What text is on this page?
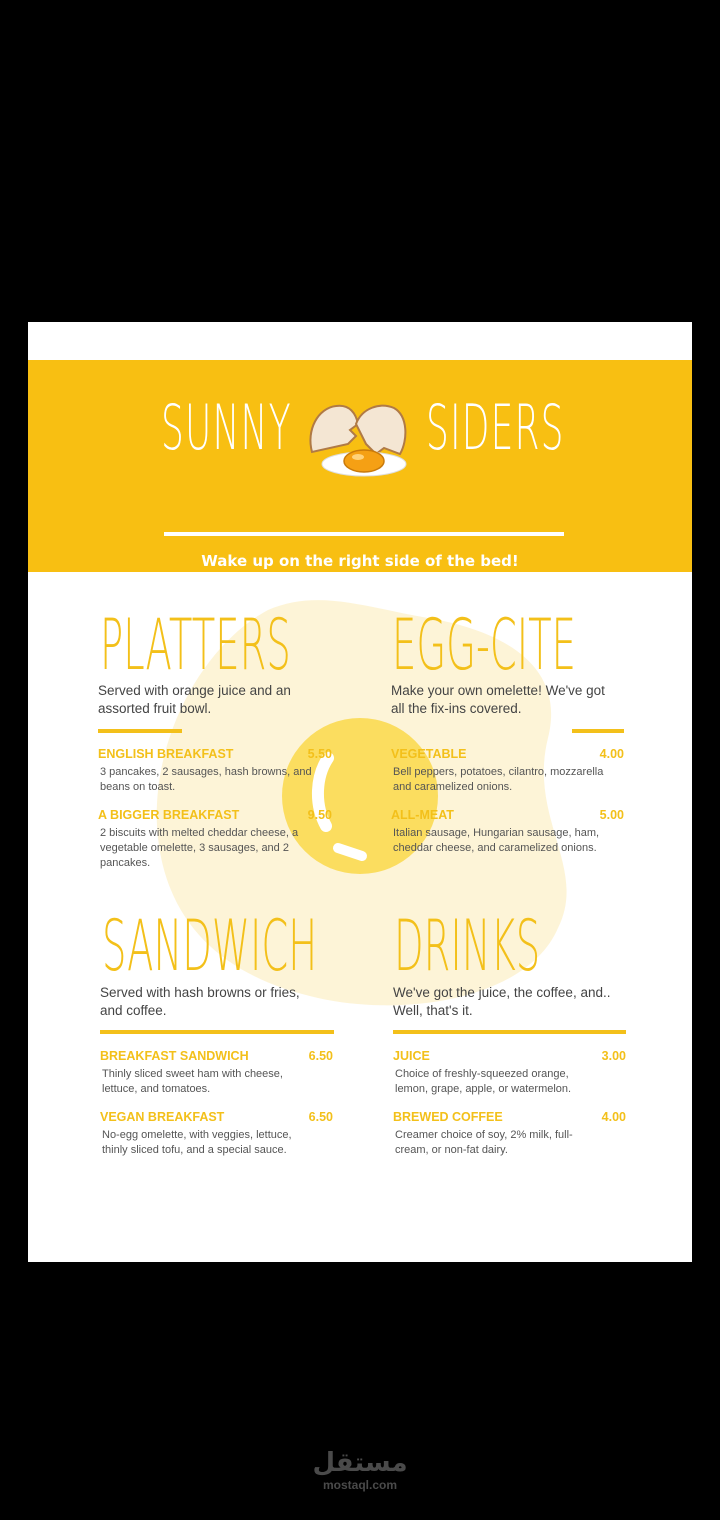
SUNNY SIDERS
Wake up on the right side of the bed!
PLATTERS
Served with orange juice and an assorted fruit bowl.
ENGLISH BREAKFAST	5.50
3 pancakes, 2 sausages, hash browns, and beans on toast.
A BIGGER BREAKFAST	9.50
2 biscuits with melted cheddar cheese, a vegetable omelette, 3 sausages, and 2 pancakes.
EGG-CITE
Make your own omelette! We've got all the fix-ins covered.
VEGETABLE	4.00
Bell peppers, potatoes, cilantro, mozzarella and caramelized onions.
ALL-MEAT	5.00
Italian sausage, Hungarian sausage, ham, cheddar cheese, and caramelized onions.
SANDWICH
Served with hash browns or fries, and coffee.
BREAKFAST SANDWICH	6.50
Thinly sliced sweet ham with cheese, lettuce, and tomatoes.
VEGAN BREAKFAST	6.50
No-egg omelette, with veggies, lettuce, thinly sliced tofu, and a special sauce.
DRINKS
We've got the juice, the coffee, and.. Well, that's it.
JUICE	3.00
Choice of freshly-squeezed orange, lemon, grape, apple, or watermelon.
BREWED COFFEE	4.00
Creamer choice of soy, 2% milk, full-cream, or non-fat dairy.
مستقل
mostaql.com
